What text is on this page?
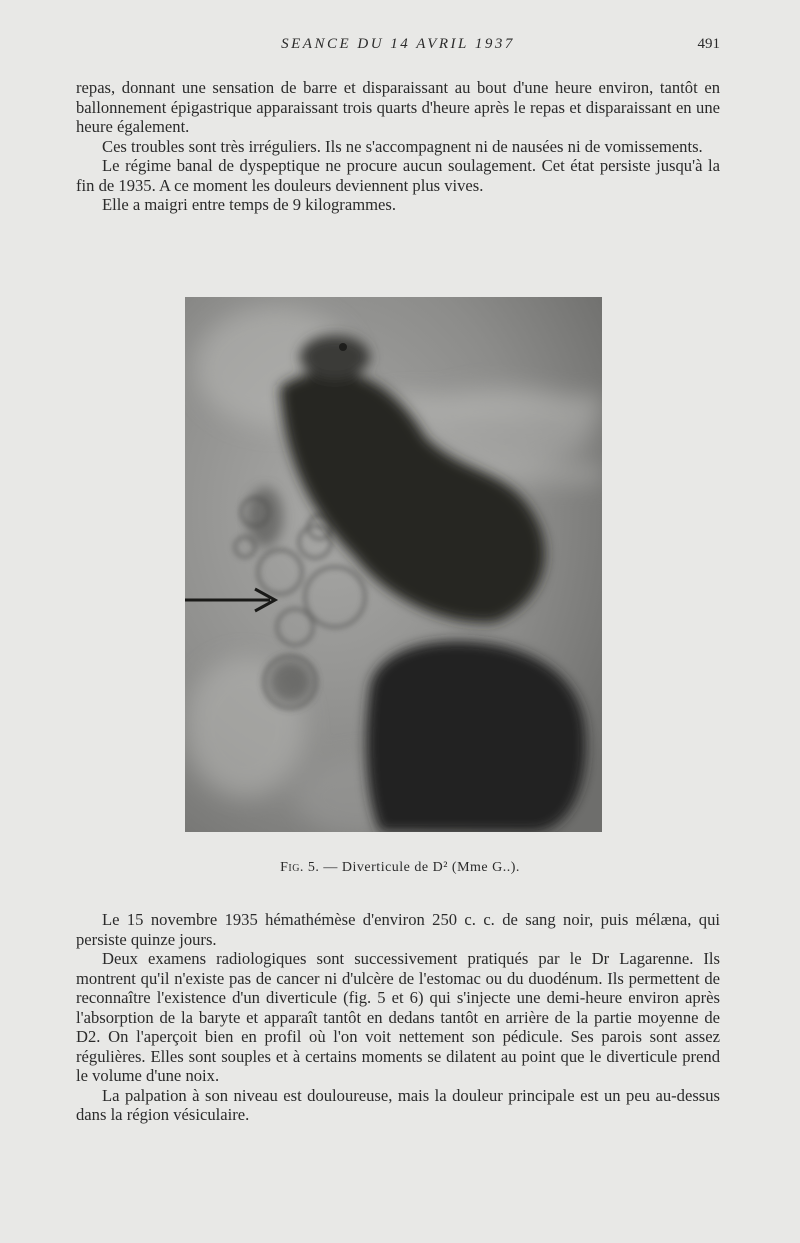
SEANCE DU 14 AVRIL 1937	491

repas, donnant une sensation de barre et disparaissant au bout d'une heure environ, tantôt en ballonnement épigastrique apparaissant trois quarts d'heure après le repas et disparaissant en une heure également.

Ces troubles sont très irréguliers. Ils ne s'accompagnent ni de nausées ni de vomissements.

Le régime banal de dyspeptique ne procure aucun soulagement. Cet état persiste jusqu'à la fin de 1935. A ce moment les douleurs deviennent plus vives.

Elle a maigri entre temps de 9 kilogrammes.

Fig. 5. — Diverticule de D² (Mme G..).

Le 15 novembre 1935 hémathémèse d'environ 250 c. c. de sang noir, puis mélæna, qui persiste quinze jours.

Deux examens radiologiques sont successivement pratiqués par le Dr Lagarenne. Ils montrent qu'il n'existe pas de cancer ni d'ulcère de l'estomac ou du duodénum. Ils permettent de reconnaître l'existence d'un diverticule (fig. 5 et 6) qui s'injecte une demi-heure environ après l'absorption de la baryte et apparaît tantôt en dedans tantôt en arrière de la partie moyenne de D2. On l'aperçoit bien en profil où l'on voit nettement son pédicule. Ses parois sont assez régulières. Elles sont souples et à certains moments se dilatent au point que le diverticule prend le volume d'une noix.

La palpation à son niveau est douloureuse, mais la douleur principale est un peu au-dessus dans la région vésiculaire.
